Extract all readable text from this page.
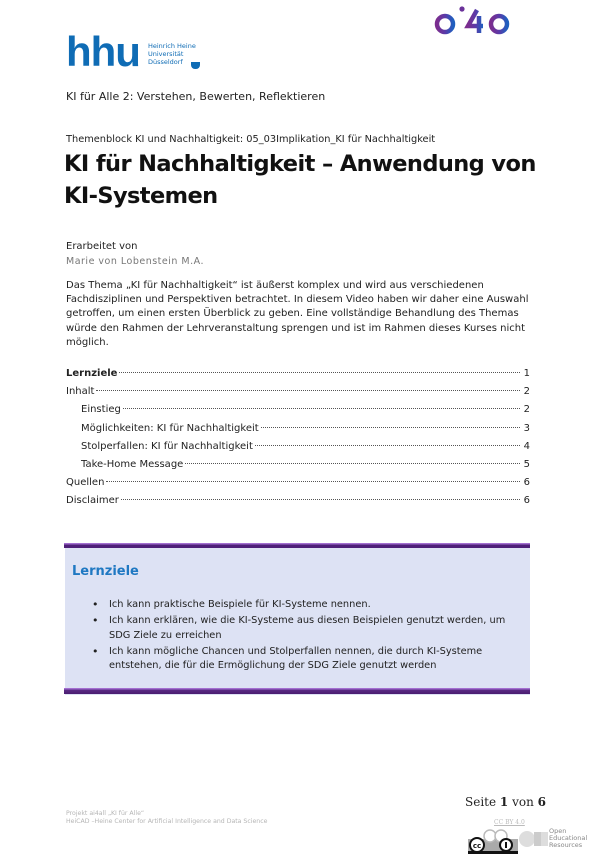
hhu Heinrich Heine
Universität
Düsseldorf
KI für Alle 2: Verstehen, Bewerten, Reflektieren
Themenblock KI und Nachhaltigkeit: 05_03Implikation_KI für Nachhaltigkeit
KI für Nachhaltigkeit – Anwendung von KI-Systemen
Erarbeitet von
Marie von Lobenstein M.A.
Das Thema „KI für Nachhaltigkeit“ ist äußerst komplex und wird aus verschiedenen Fachdisziplinen und Perspektiven betrachtet. In diesem Video haben wir daher eine Auswahl getroffen, um einen ersten Überblick zu geben. Eine vollständige Behandlung des Themas würde den Rahmen der Lehrveranstaltung sprengen und ist im Rahmen dieses Kurses nicht möglich.
Lernziele	1
Inhalt	2
Einstieg	2
Möglichkeiten: KI für Nachhaltigkeit	3
Stolperfallen: KI für Nachhaltigkeit	4
Take-Home Message	5
Quellen	6
Disclaimer	6
Lernziele
• Ich kann praktische Beispiele für KI-Systeme nennen.
• Ich kann erklären, wie die KI-Systeme aus diesen Beispielen genutzt werden, um SDG Ziele zu erreichen
• Ich kann mögliche Chancen und Stolperfallen nennen, die durch KI-Systeme entstehen, die für die Ermöglichung der SDG Ziele genutzt werden
Projekt ai4all „KI für Alle“
HeiCAD –Heine Center for Artificial Intelligence and Data Science
Seite 1 von 6
CC BY 4.0
cc
Open Educational Resources
